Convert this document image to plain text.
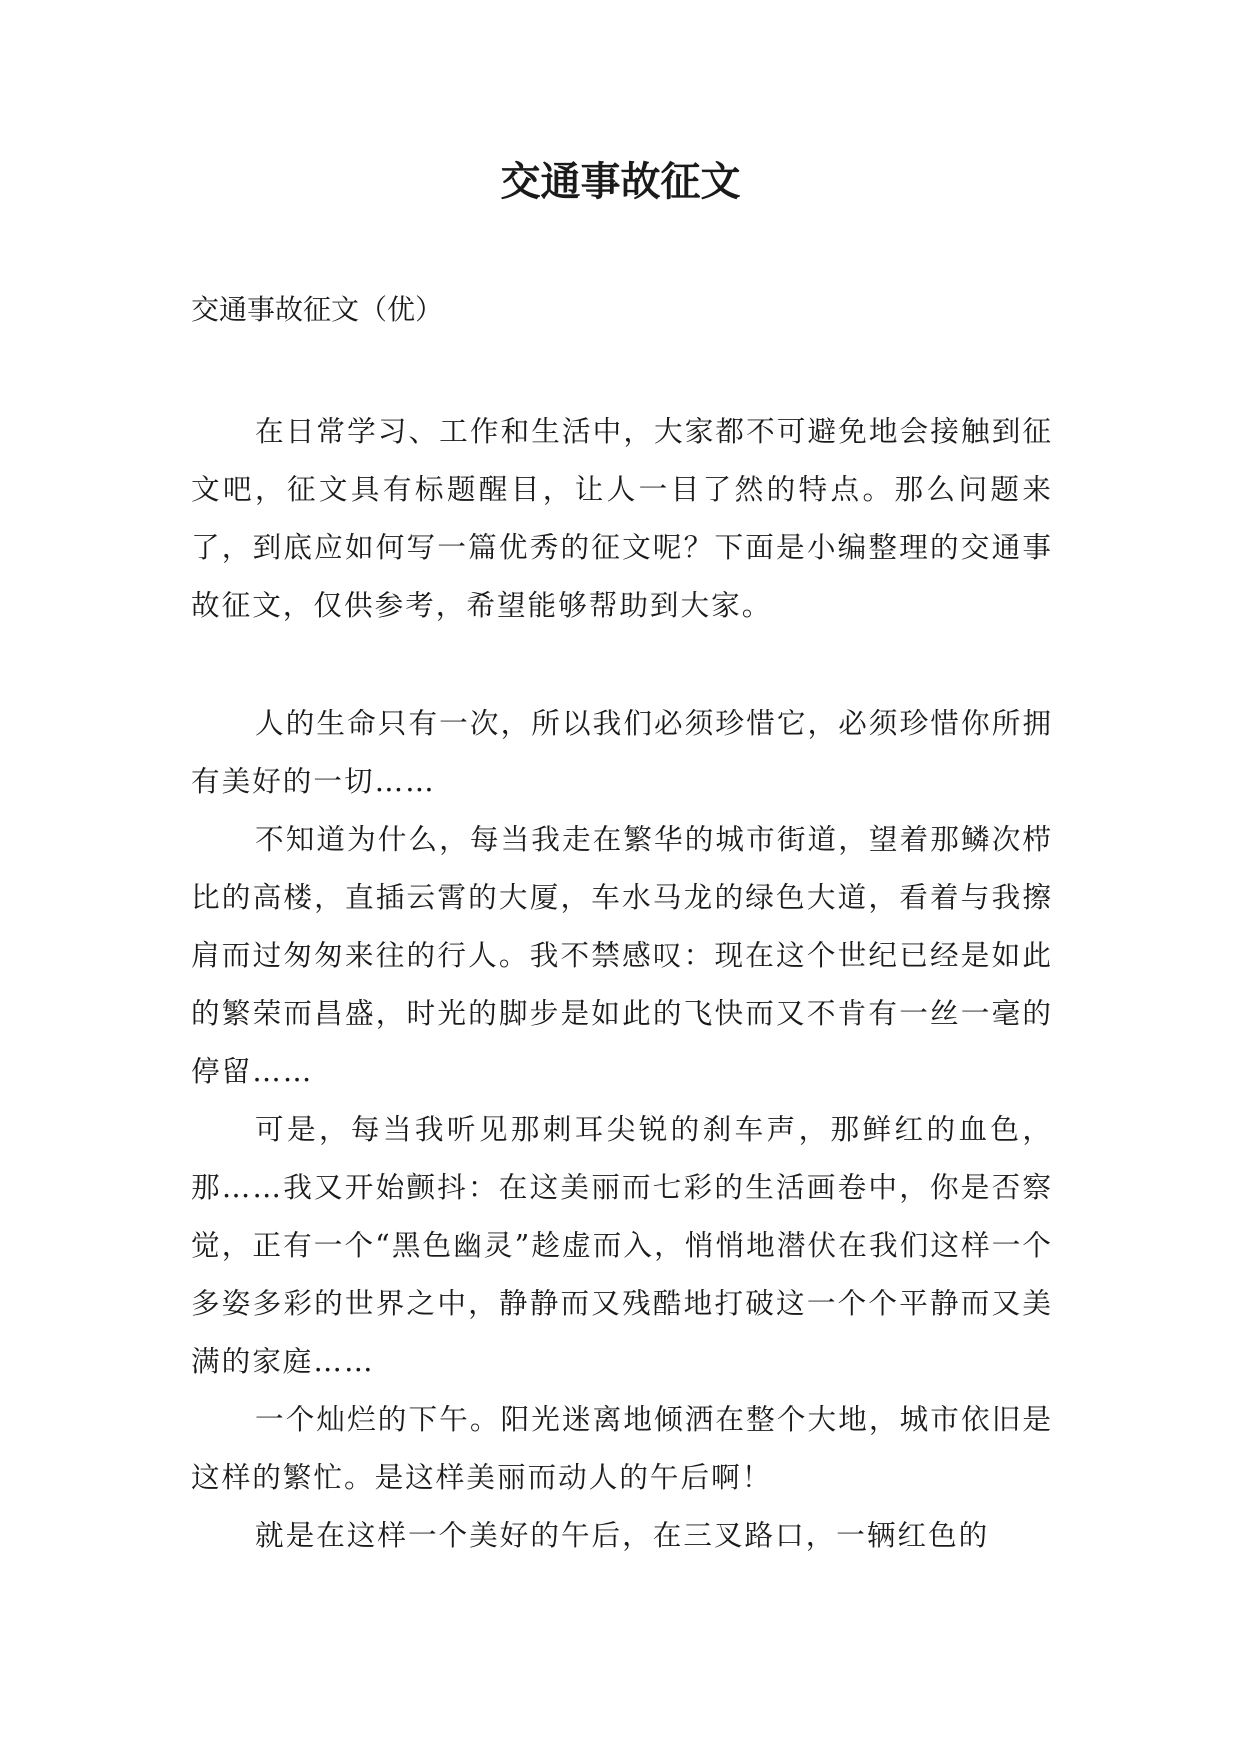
交通事故征文

交通事故征文（优）

在日常学习、工作和生活中，大家都不可避免地会接触到征文吧，征文具有标题醒目，让人一目了然的特点。那么问题来了，到底应如何写一篇优秀的征文呢？下面是小编整理的交通事故征文，仅供参考，希望能够帮助到大家。

人的生命只有一次，所以我们必须珍惜它，必须珍惜你所拥有美好的一切……

不知道为什么，每当我走在繁华的城市街道，望着那鳞次栉比的高楼，直插云霄的大厦，车水马龙的绿色大道，看着与我擦肩而过匆匆来往的行人。我不禁感叹：现在这个世纪已经是如此的繁荣而昌盛，时光的脚步是如此的飞快而又不肯有一丝一毫的停留……

可是，每当我听见那刺耳尖锐的刹车声，那鲜红的血色，那……我又开始颤抖：在这美丽而七彩的生活画卷中，你是否察觉，正有一个“黑色幽灵”趁虚而入，悄悄地潜伏在我们这样一个多姿多彩的世界之中，静静而又残酷地打破这一个个平静而又美满的家庭……

一个灿烂的下午。阳光迷离地倾洒在整个大地，城市依旧是这样的繁忙。是这样美丽而动人的午后啊！

就是在这样一个美好的午后，在三叉路口，一辆红色的
